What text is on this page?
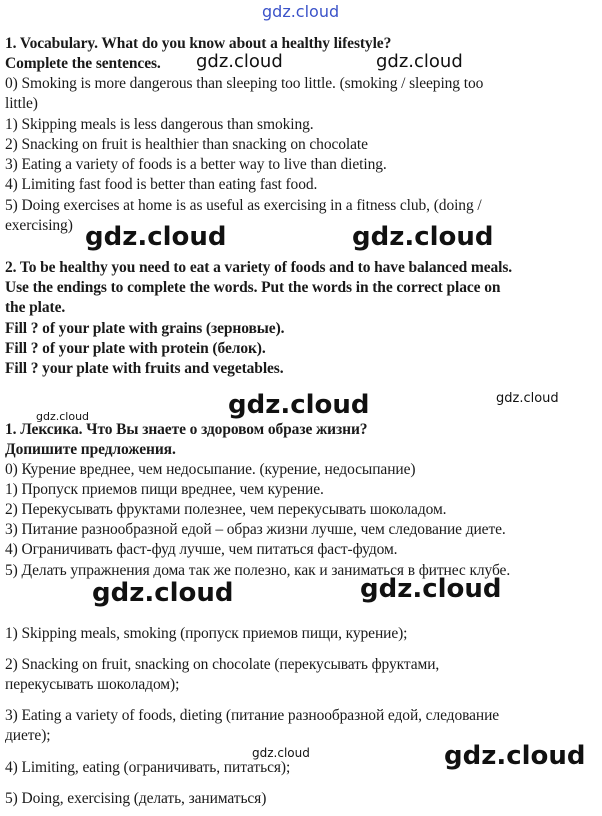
gdz.cloud
1. Vocabulary. What do you know about a healthy lifestyle?
Complete the sentences.	gdz.cloud	gdz.cloud
0) Smoking is more dangerous than sleeping too little. (smoking / sleeping too
little)
1) Skipping meals is less dangerous than smoking.
2) Snacking on fruit is healthier than snacking on chocolate
3) Eating a variety of foods is a better way to live than dieting.
4) Limiting fast food is better than eating fast food.
5) Doing exercises at home is as useful as exercising in a fitness club, (doing /
exercising) gdz.cloud	gdz.cloud
2. To be healthy you need to eat a variety of foods and to have balanced meals.
Use the endings to complete the words. Put the words in the correct place on
the plate.
Fill ? of your plate with grains (зерновые).
Fill ? of your plate with protein (белок).
Fill ? your plate with fruits and vegetables.
gdz.cloud	gdz.cloud
gdz.cloud
1. Лексика. Что Вы знаете о здоровом образе жизни?
Допишите предложения.
0) Курение вреднее, чем недосыпание. (курение, недосыпание)
1) Пропуск приемов пищи вреднее, чем курение.
2) Перекусывать фруктами полезнее, чем перекусывать шоколадом.
3) Питание разнообразной едой – образ жизни лучше, чем следование диете.
4) Ограничивать фаст-фуд лучше, чем питаться фаст-фудом.
5) Делать упражнения дома так же полезно, как и заниматься в фитнес клубе.
gdz.cloud	gdz.cloud
1) Skipping meals, smoking (пропуск приемов пищи, курение);
2) Snacking on fruit, snacking on chocolate (перекусывать фруктами,
перекусывать шоколадом);
3) Eating a variety of foods, dieting (питание разнообразной едой, следование
диете);
4) Limiting, eating (ограничивать, питаться);
5) Doing, exercising (делать, заниматься)
gdz.cloud	gdz.cloud
